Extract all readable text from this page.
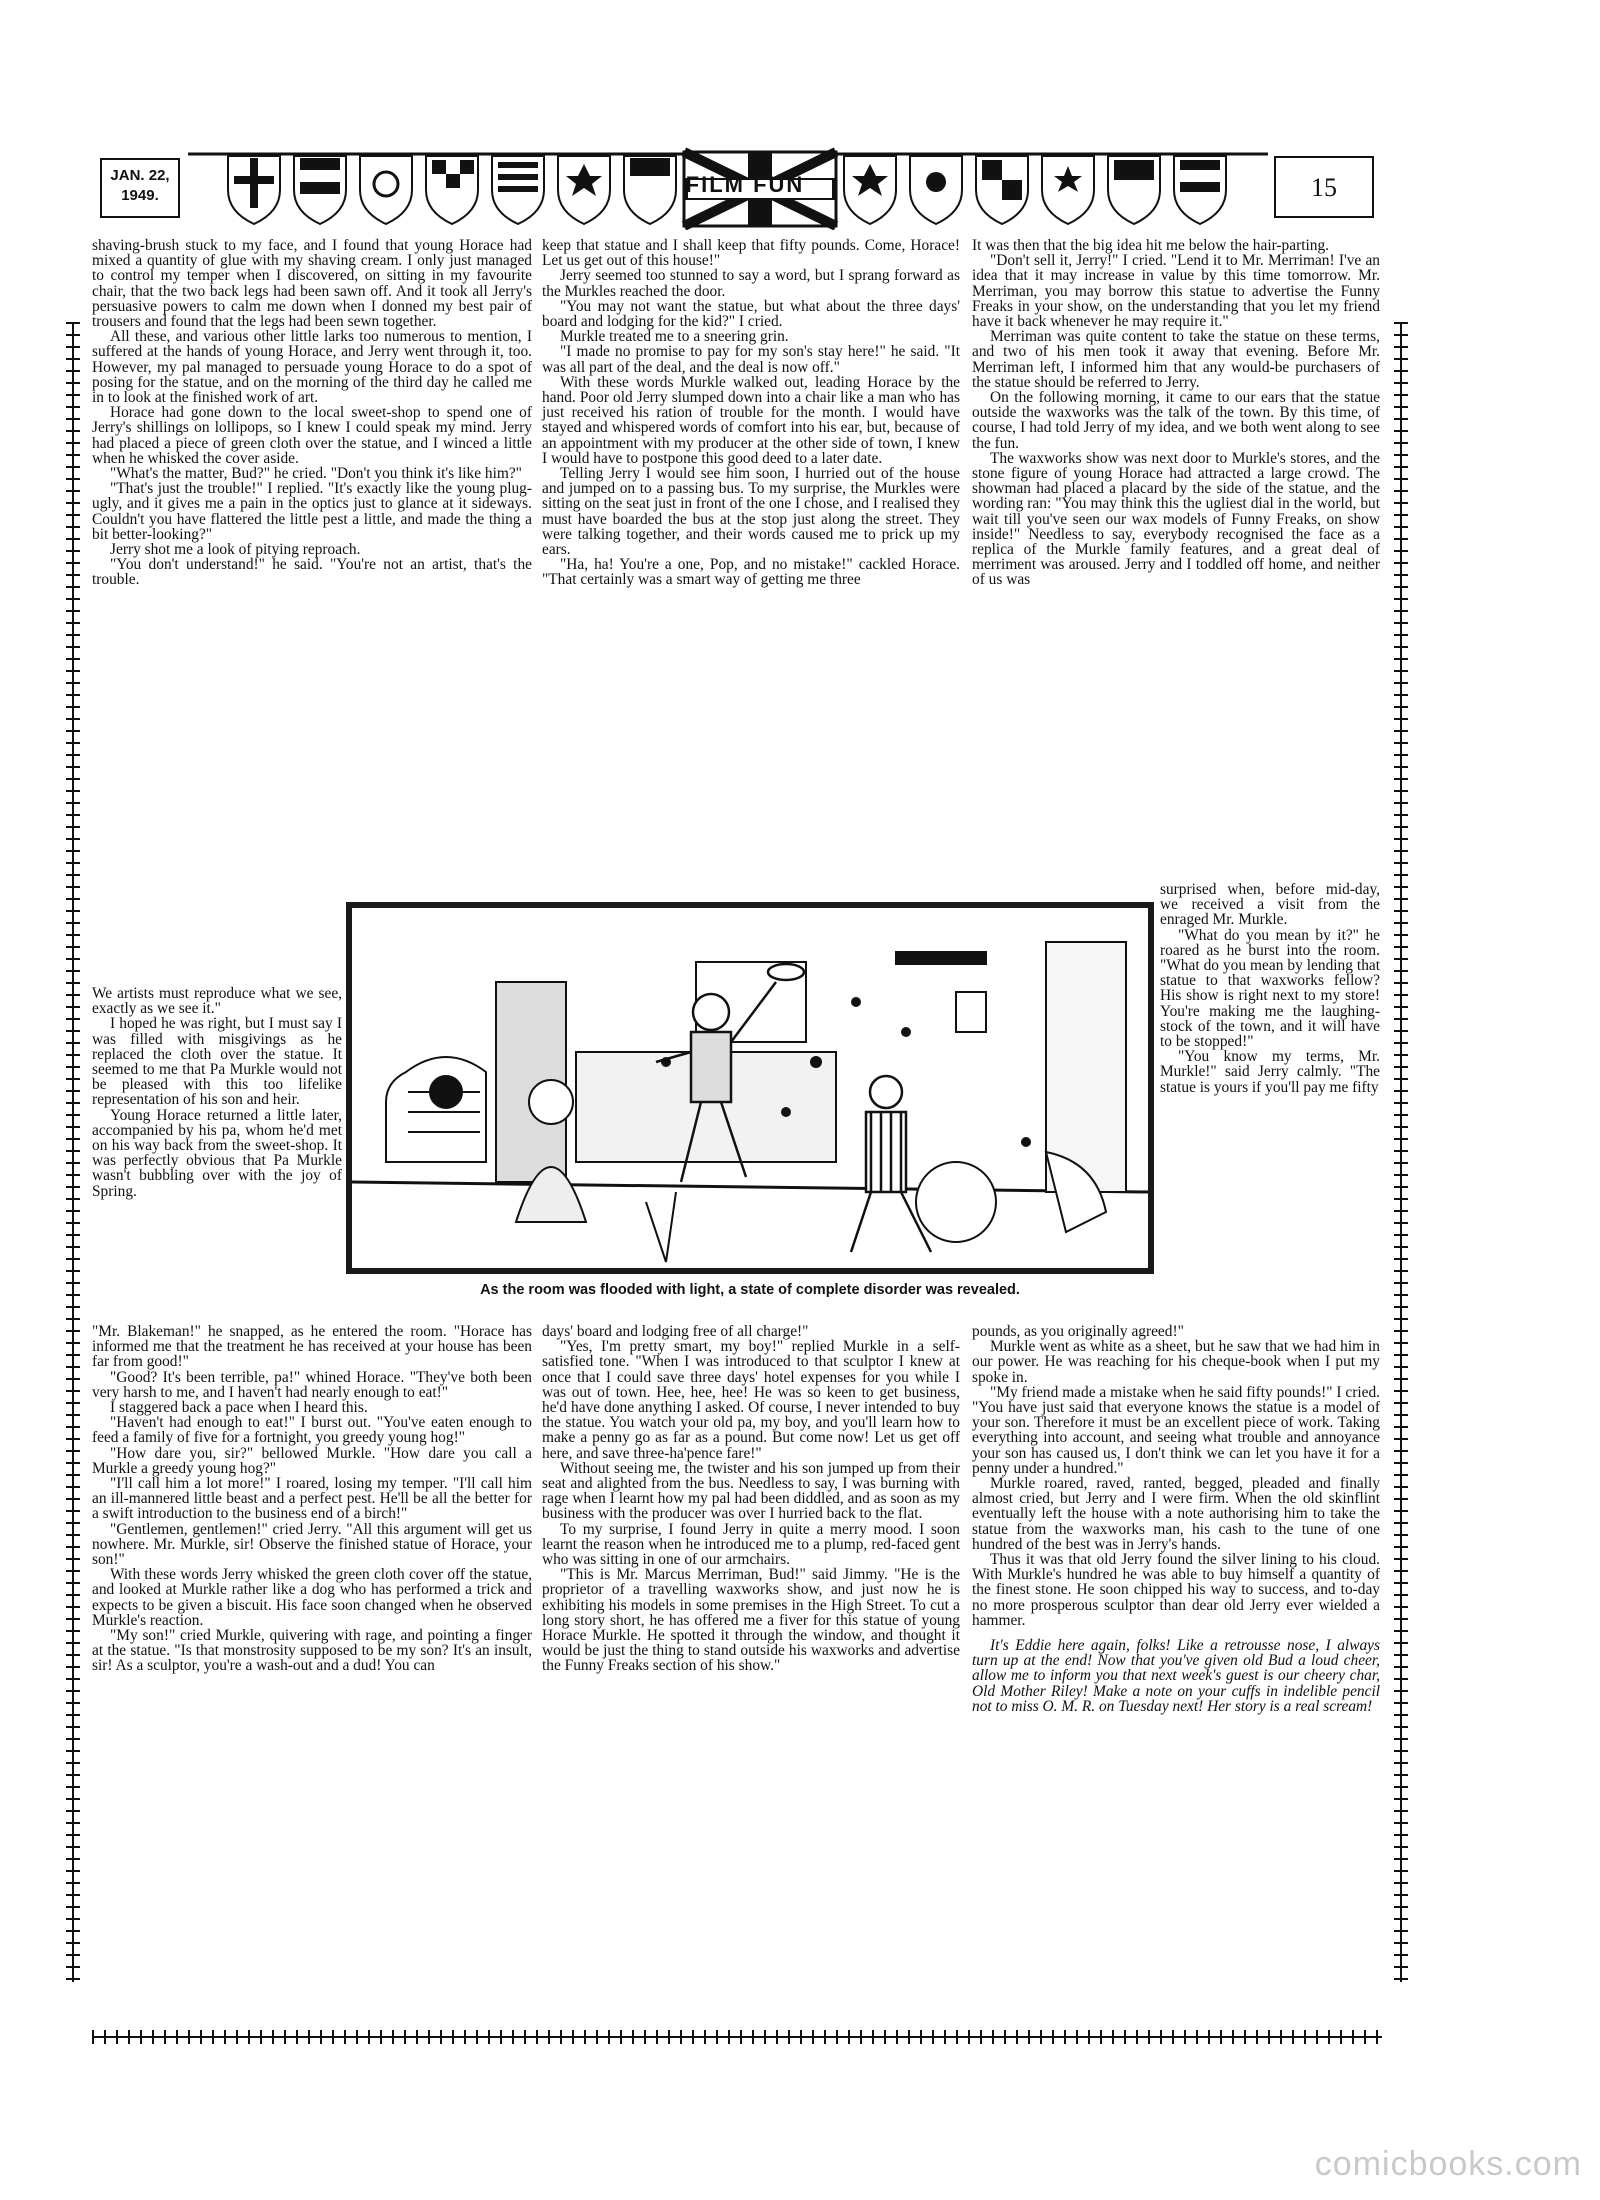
JAN. 22,
1949.	FILM FUN	15

shaving-brush stuck to my face, and I found that young Horace had mixed a quantity of glue with my shaving cream. I only just managed to control my temper when I discovered, on sitting in my favourite chair, that the two back legs had been sawn off. And it took all Jerry's persuasive powers to calm me down when I donned my best pair of trousers and found that the legs had been sewn together.

All these, and various other little larks too numerous to mention, I suffered at the hands of young Horace, and Jerry went through it, too. However, my pal managed to persuade young Horace to do a spot of posing for the statue, and on the morning of the third day he called me in to look at the finished work of art.

Horace had gone down to the local sweet-shop to spend one of Jerry's shillings on lollipops, so I knew I could speak my mind. Jerry had placed a piece of green cloth over the statue, and I winced a little when he whisked the cover aside.

"What's the matter, Bud?" he cried. "Don't you think it's like him?"

"That's just the trouble!" I replied. "It's exactly like the young plug-ugly, and it gives me a pain in the optics just to glance at it sideways. Couldn't you have flattered the little pest a little, and made the thing a bit better-looking?"

Jerry shot me a look of pitying reproach.

"You don't understand!" he said. "You're not an artist, that's the trouble.

We artists must reproduce what we see, exactly as we see it."

I hoped he was right, but I must say I was filled with misgivings as he replaced the cloth over the statue. It seemed to me that Pa Murkle would not be pleased with this too lifelike representation of his son and heir.

Young Horace returned a little later, accompanied by his pa, whom he'd met on his way back from the sweet-shop. It was perfectly obvious that Pa Murkle wasn't bubbling over with the joy of Spring.

keep that statue and I shall keep that fifty pounds. Come, Horace! Let us get out of this house!"

Jerry seemed too stunned to say a word, but I sprang forward as the Murkles reached the door.

"You may not want the statue, but what about the three days' board and lodging for the kid?" I cried.

Murkle treated me to a sneering grin.

"I made no promise to pay for my son's stay here!" he said. "It was all part of the deal, and the deal is now off."

With these words Murkle walked out, leading Horace by the hand. Poor old Jerry slumped down into a chair like a man who has just received his ration of trouble for the month. I would have stayed and whispered words of comfort into his ear, but, because of an appointment with my producer at the other side of town, I knew I would have to postpone this good deed to a later date.

Telling Jerry I would see him soon, I hurried out of the house and jumped on to a passing bus. To my surprise, the Murkles were sitting on the seat just in front of the one I chose, and I realised they must have boarded the bus at the stop just along the street. They were talking together, and their words caused me to prick up my ears.

"Ha, ha! You're a one, Pop, and no mistake!" cackled Horace. "That certainly was a smart way of getting me three

It was then that the big idea hit me below the hair-parting.

"Don't sell it, Jerry!" I cried. "Lend it to Mr. Merriman! I've an idea that it may increase in value by this time tomorrow. Mr. Merriman, you may borrow this statue to advertise the Funny Freaks in your show, on the understanding that you let my friend have it back whenever he may require it."

Merriman was quite content to take the statue on these terms, and two of his men took it away that evening. Before Mr. Merriman left, I informed him that any would-be purchasers of the statue should be referred to Jerry.

On the following morning, it came to our ears that the statue outside the waxworks was the talk of the town. By this time, of course, I had told Jerry of my idea, and we both went along to see the fun.

The waxworks show was next door to Murkle's stores, and the stone figure of young Horace had attracted a large crowd. The showman had placed a placard by the side of the statue, and the wording ran: "You may think this the ugliest dial in the world, but wait till you've seen our wax models of Funny Freaks, on show inside!" Needless to say, everybody recognised the face as a replica of the Murkle family features, and a great deal of merriment was aroused. Jerry and I toddled off home, and neither of us was

surprised when, before mid-day, we received a visit from the enraged Mr. Murkle.

"What do you mean by it?" he roared as he burst into the room. "What do you mean by lending that statue to that waxworks fellow? His show is right next to my store! You're making me the laughing-stock of the town, and it will have to be stopped!"

"You know my terms, Mr. Murkle!" said Jerry calmly. "The statue is yours if you'll pay me fifty

As the room was flooded with light, a state of complete disorder was revealed.

"Mr. Blakeman!" he snapped, as he entered the room. "Horace has informed me that the treatment he has received at your house has been far from good!"

"Good? It's been terrible, pa!" whined Horace. "They've both been very harsh to me, and I haven't had nearly enough to eat!"

I staggered back a pace when I heard this.

"Haven't had enough to eat!" I burst out. "You've eaten enough to feed a family of five for a fortnight, you greedy young hog!"

"How dare you, sir?" bellowed Murkle. "How dare you call a Murkle a greedy young hog?"

"I'll call him a lot more!" I roared, losing my temper. "I'll call him an ill-mannered little beast and a perfect pest. He'll be all the better for a swift introduction to the business end of a birch!"

"Gentlemen, gentlemen!" cried Jerry. "All this argument will get us nowhere. Mr. Murkle, sir! Observe the finished statue of Horace, your son!"

With these words Jerry whisked the green cloth cover off the statue, and looked at Murkle rather like a dog who has performed a trick and expects to be given a biscuit. His face soon changed when he observed Murkle's reaction.

"My son!" cried Murkle, quivering with rage, and pointing a finger at the statue. "Is that monstrosity supposed to be my son? It's an insult, sir! As a sculptor, you're a wash-out and a dud! You can

days' board and lodging free of all charge!"

"Yes, I'm pretty smart, my boy!" replied Murkle in a self-satisfied tone. "When I was introduced to that sculptor I knew at once that I could save three days' hotel expenses for you while I was out of town. Hee, hee, hee! He was so keen to get business, he'd have done anything I asked. Of course, I never intended to buy the statue. You watch your old pa, my boy, and you'll learn how to make a penny go as far as a pound. But come now! Let us get off here, and save three-ha'pence fare!"

Without seeing me, the twister and his son jumped up from their seat and alighted from the bus. Needless to say, I was burning with rage when I learnt how my pal had been diddled, and as soon as my business with the producer was over I hurried back to the flat.

To my surprise, I found Jerry in quite a merry mood. I soon learnt the reason when he introduced me to a plump, red-faced gent who was sitting in one of our armchairs.

"This is Mr. Marcus Merriman, Bud!" said Jimmy. "He is the proprietor of a travelling waxworks show, and just now he is exhibiting his models in some premises in the High Street. To cut a long story short, he has offered me a fiver for this statue of young Horace Murkle. He spotted it through the window, and thought it would be just the thing to stand outside his waxworks and advertise the Funny Freaks section of his show."

pounds, as you originally agreed!"

Murkle went as white as a sheet, but he saw that we had him in our power. He was reaching for his cheque-book when I put my spoke in.

"My friend made a mistake when he said fifty pounds!" I cried. "You have just said that everyone knows the statue is a model of your son. Therefore it must be an excellent piece of work. Taking everything into account, and seeing what trouble and annoyance your son has caused us, I don't think we can let you have it for a penny under a hundred."

Murkle roared, raved, ranted, begged, pleaded and finally almost cried, but Jerry and I were firm. When the old skinflint eventually left the house with a note authorising him to take the statue from the waxworks man, his cash to the tune of one hundred of the best was in Jerry's hands.

Thus it was that old Jerry found the silver lining to his cloud. With Murkle's hundred he was able to buy himself a quantity of the finest stone. He soon chipped his way to success, and to-day no more prosperous sculptor than dear old Jerry ever wielded a hammer.

It's Eddie here again, folks! Like a retrousse nose, I always turn up at the end! Now that you've given old Bud a loud cheer, allow me to inform you that next week's guest is our cheery char, Old Mother Riley! Make a note on your cuffs in indelible pencil not to miss O. M. R. on Tuesday next! Her story is a real scream!

comicbooks.com
